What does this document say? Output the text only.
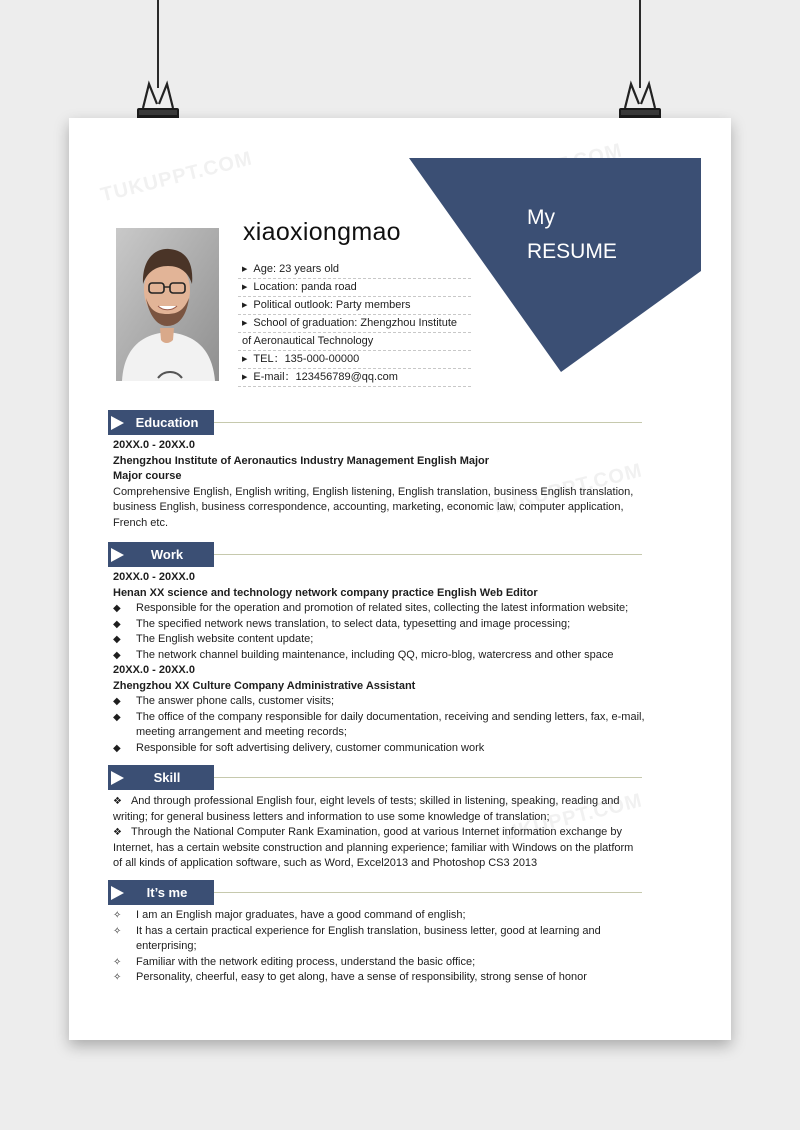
TUKUPPT.COM
TUKUPPT.COM
TUKUPPT.COM
My
RESUME
xiaoxiongmao
▶ Age: 23 years old
▶ Location: panda road
▶ Political outlook: Party members
▶ School of graduation: Zhengzhou Institute
of Aeronautical Technology
▶ TEL：135-000-00000
▶ E-mail：123456789@qq.com
Education
20XX.0 - 20XX.0
Zhengzhou Institute of Aeronautics Industry Management English Major
Major course
Comprehensive English, English writing, English listening, English translation, business English translation, business English, business correspondence, accounting, marketing, economic law, computer application, French etc.
Work
20XX.0 - 20XX.0
Henan XX science and technology network company practice English Web Editor
◆ Responsible for the operation and promotion of related sites, collecting the latest information website;
◆ The specified network news translation, to select data, typesetting and image processing;
◆ The English website content update;
◆ The network channel building maintenance, including QQ, micro-blog, watercress and other space
20XX.0 - 20XX.0
Zhengzhou XX Culture Company Administrative Assistant
◆ The answer phone calls, customer visits;
◆ The office of the company responsible for daily documentation, receiving and sending letters, fax, e-mail, meeting arrangement and meeting records;
◆ Responsible for soft advertising delivery, customer communication work
Skill
❖ And through professional English four, eight levels of tests; skilled in listening, speaking, reading and writing; for general business letters and information to use some knowledge of translation;
❖ Through the National Computer Rank Examination, good at various Internet information exchange by Internet, has a certain website construction and planning experience; familiar with Windows on the platform of all kinds of application software, such as Word, Excel2013 and Photoshop CS3 2013
It’s me
✧ I am an English major graduates, have a good command of english;
✧ It has a certain practical experience for English translation, business letter, good at learning and enterprising;
✧ Familiar with the network editing process, understand the basic office;
✧ Personality, cheerful, easy to get along, have a sense of responsibility, strong sense of honor
